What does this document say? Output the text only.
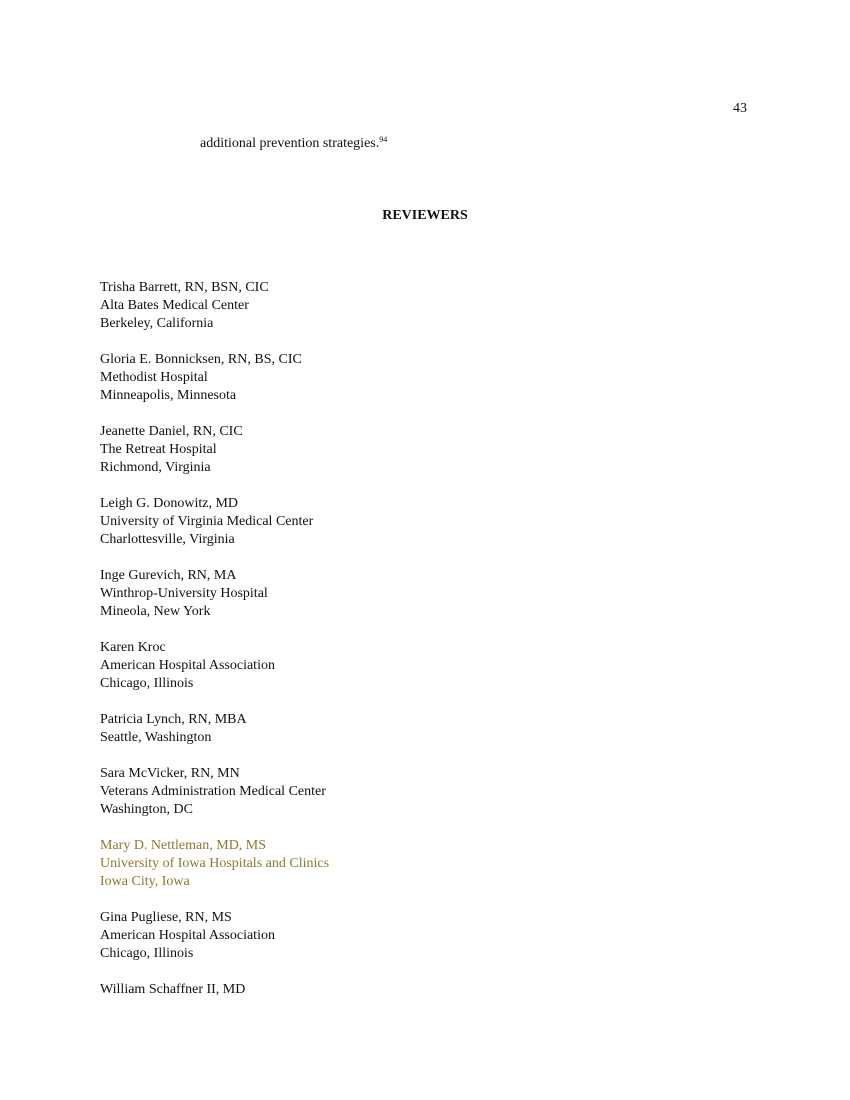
43
additional prevention strategies.$^{94}$
REVIEWERS
Trisha Barrett, RN, BSN, CIC
Alta Bates Medical Center
Berkeley, California
Gloria E. Bonnicksen, RN, BS, CIC
Methodist Hospital
Minneapolis, Minnesota
Jeanette Daniel, RN, CIC
The Retreat Hospital
Richmond, Virginia
Leigh G. Donowitz, MD
University of Virginia Medical Center
Charlottesville, Virginia
Inge Gurevich, RN, MA
Winthrop-University Hospital
Mineola, New York
Karen Kroc
American Hospital Association
Chicago, Illinois
Patricia Lynch, RN, MBA
Seattle, Washington
Sara McVicker, RN, MN
Veterans Administration Medical Center
Washington, DC
Mary D. Nettleman, MD, MS
University of Iowa Hospitals and Clinics
Iowa City, Iowa
Gina Pugliese, RN, MS
American Hospital Association
Chicago, Illinois
William Schaffner II, MD
